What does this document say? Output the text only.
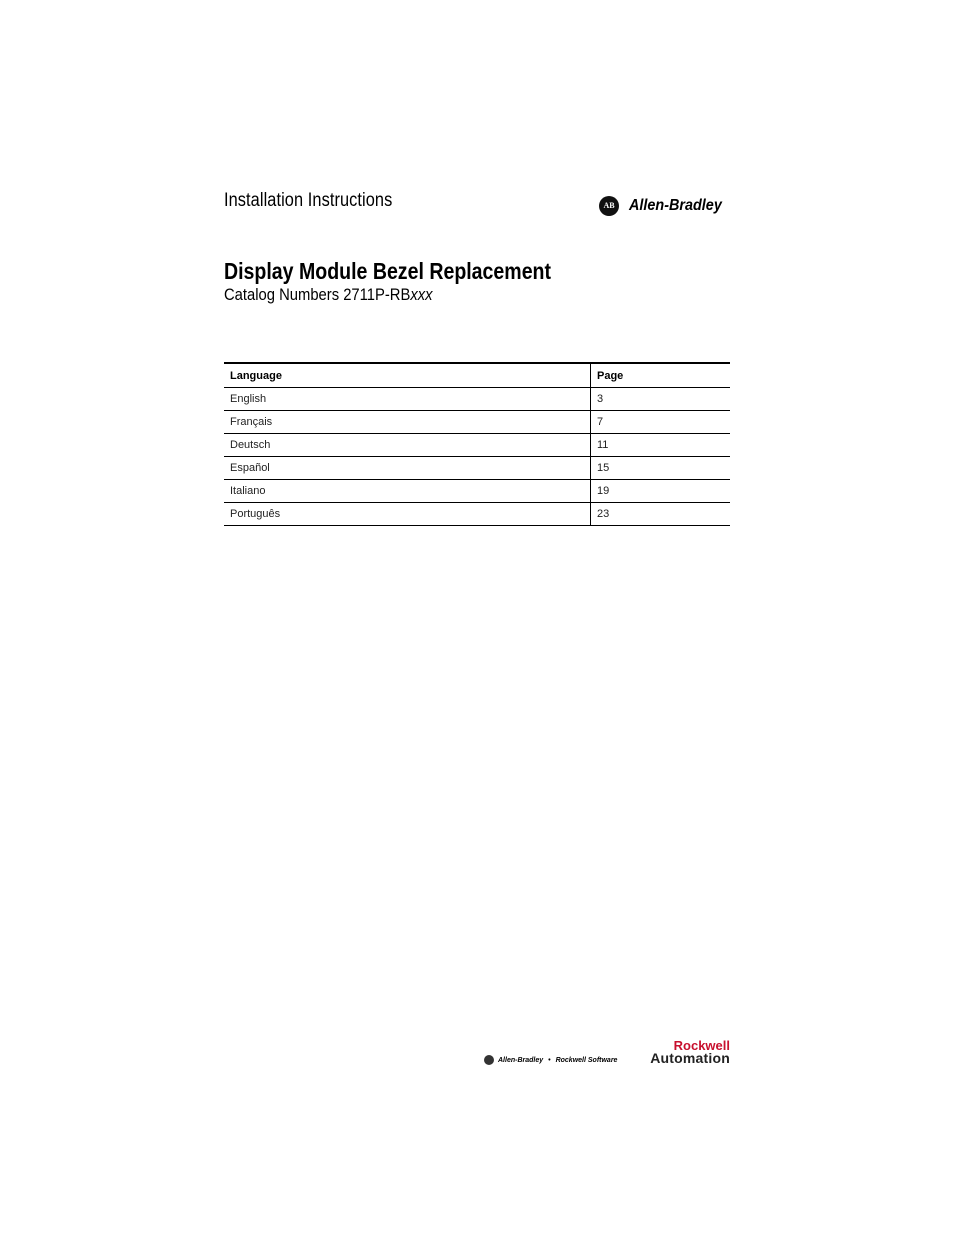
Installation Instructions	AB Allen-Bradley
Display Module Bezel Replacement
Catalog Numbers 2711P-RBxxx
Language	Page
English	3
Français	7
Deutsch	11
Español	15
Italiano	19
Português	23
Allen-Bradley • Rockwell Software
Rockwell
Automation
